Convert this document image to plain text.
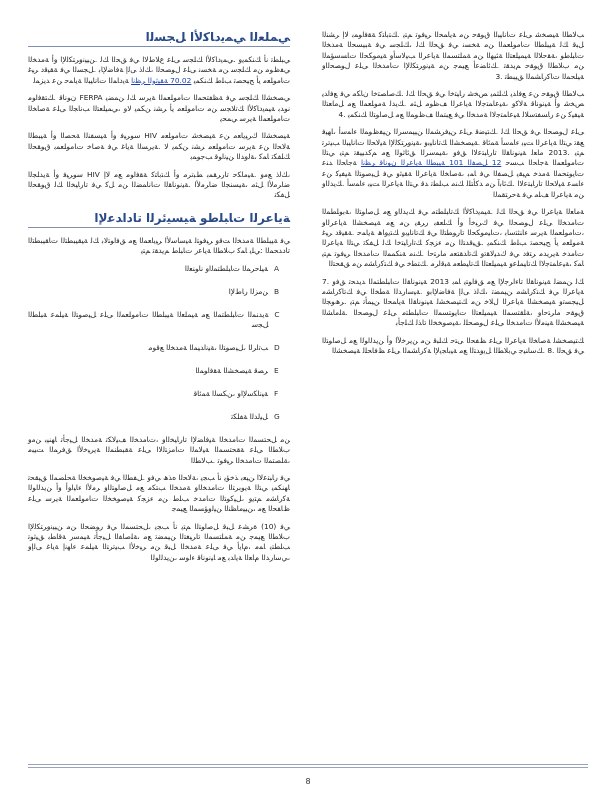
ﻲﻤﻠﻌﻟا ﻲﻤﯾدﺎﻛﻷا ﻞﺠﺴﻟا

ﻲﺒﻠﻄﺗ نأ ﻚﻨﻜﻤﯾو .ﻲﻤﯾدﺎﻛﻷا ﻚﻠﺠﺳ ﻰﻠﻋ عﻼطﻻا ﻲﻓ ﻖﺤﻟا ﻚﻟ .ﻦﯿﯿﻧوﺮﺘﻜﻟﻹا وأ ﺔﻣﺪﺨﻟا ﻲﻔظﻮﻣ ﻦﻣ ﻚﻠﺠﺳ ﻦﻣ ﺔﺨﺴﻧ ﻰﻠﻋ لﻮﺼﺤﻟا ،ﻚﻟذ ﻰﻟإ ﺔﻓﺎﺿﻹﺎﺑ .ﻞﺠﺴﻟا ﻲﻓ ﺔﻘﯿﻗد ﺮﯿﻏ تﺎﻣﻮﻠﻌﻣ يأ ﺢﯿﺤﺼﺗ ﺐﻠط ﻚﻨﻜﻤﯾ 70.02 ﺔﻘﯿﺛﻮﻟا ﺮﻈﻧا ﺔﯾدﺎﻤﻟا تﺎﻧﺎﯿﺒﻟا ﺔﯾﺎﻤﺣ ﻦﻋ ﺪﯾﺰﻤﻟ

ﻲﺼﺨﺸﻟا ﻚﻠﺠﺳ ﻲﻓ ﺔﻈﻔﺘﺤﻤﻟا تﺎﻣﻮﻠﻌﻤﻟا ﺔﯾﺮﺳ ﻚﻟ ﻦﻤﻀﯾ FERPA نﻮﻧﺎﻗ .ﻚﺘﻘﻓاﻮﻣ نوﺪﺑ ﺔﯿﻤﯾدﺎﻛﻷا ﻚﺗﻼﺠﺳ ﻦﻣ تﺎﻣﻮﻠﻌﻣ يأ ﺮﺸﻧ ﻦﻜﻤﯾ ﻻو ،ﻲﻤﯿﻠﻌﺘﻟا ﺐﻧﺎﺠﻟا ﻰﻠﻋ ﺔﺻﺎﺨﻟا تﺎﻣﻮﻠﻌﻤﻟا ﺔﯾﺮﺳ ﻲﻤﺤﯾ

ﺔﯿﺼﺨﺸﻟا كﺮﯿﯾﺎﻌﻣ ﻦﻋ ﺔﯿﺼﺨﺷ تﺎﻣﻮﻠﻌﻣ HIV سوﺮﯿﻓ وأ ﺔﯿﺴﻔﻨﻟا ﺔﺤﺼﻟا وأ ﺔﯿﺒﻄﻟا ﺔﻟﺎﺤﻟا ﻦﻋ ﺔﯾﺮﺳ تﺎﻣﻮﻠﻌﻣ ﺮﺸﻧ ﻦﻜﻤﯾ ﻻ .ﺔﯾﺮﺴﻟا ﺔﯾﺎﻏ ﻲﻓ ﺔﺻﺎﺧ تﺎﻣﻮﻠﻌﻤﺑ قﻮﻘﺤﻟا ﻚﻠﻔﻜﺗ ﺎﻤﻛ ،ﺔﻟوﺪﻟا ﻦﯿﻧاﻮﻗ ﺐﺟﻮﻤﺑ

،ﻚﻟذ ﻊﻣو .ﺔﯿﻣﺎﻜﺣ تارﺮﻘﻤﺑ ﻂﺒﺗﺮﻣ وأ ﻚﺘﺑﺎﺘﻛ ﺔﻘﻓاﻮﻣ ﻊﻣ ﻻإ HIV سوﺮﯿﻓ وأ ﺔﯾﺪﻠﺠﻟا ضاﺮﻣﻷا ﻞﺜﻣ ،ﺔﯿﺴﻨﺠﻟا ضاﺮﻣﻷا .ﺔﯿﻧﻮﻧﺎﻘﻟا تﺎﻧﺎﻤﻀﻟا ﻦﻣ ﻞﻛ ﻲﻓ تارﺎﯿﺨﻟا ﻚﻟ قﻮﻘﺤﻟا ﻞﻔﻜﺗ

ﺔﯾﺎﻋﺮﻟا تﺎﺒﻠطو ﺔﯿﺴﯿﺋﺮﻟا تاداﺪﻋﻹا

ﻲﻓ ﺔﯿﺒﻠﻄﻟا ﺔﻣﺪﺨﻟا ﺖﻗو ﺮﯿﻓﻮﺘﻟ ﺔﯿﺳﺎﺳﻷا ﺮﯿﯾﺎﻌﻤﻟا ﻊﻣ ﻖﻓاﻮﺘﻟﺎﺑ ﻚﻟ ﺔﯿﻘﯿﺒﻄﺘﻟا تﺎﻘﯿﺒﻄﺘﻟا تادﺪﺤﻤﻟا :ﻲﻠﯾ ﺎﻤﻛ بﻼﻄﻟا ﺔﯾﺎﻋر تﺎﺒﻠط ﻢﯾﺪﻘﺗ ﻢﺘﯾ

A
ﺔﯿﻠﺣﺮﻤﻟا تﺎﺒﻠﻄﺘﻤﻟاو ناﻮﻨﻌﻟا
B
ﻦﻣﺰﻟا رﺎطﻹا
C
ﺔﯾﺪﻨﻤﻟا تﺎﺒﻠﻄﺘﻤﻟا ﻊﻣ ﺔﯿﻤﻠﻌﻟا ﺔﯿﺒﻠﻄﻟا تﺎﻣﻮﻠﻌﻤﻟا ﻰﻠﻋ ﻞﯿﺻﻮﺘﻟا ﺔﯿﻠﻤﻋ ﺔﺒﻠﻄﻟا ﻞﺠﺳ
D
ﺐﺗاﺮﻟا ،ﻞﯿﺻﻮﺘﻟا ،ﺔﯿﻧاﺪﯿﻤﻟا ﺔﻣﺪﺨﻟا ﻊﻗﻮﻣ
E
ﺮﺼﻗ ﺔﯿﺼﺨﺸﻟا ﺔﻘﻓاﻮﻤﻟا
F
ﺔﯿﻧﺎﻜﺳﻹاو ،ﻦﻜﺴﻟا ﺔﻤﺋﺎﻗ
G
ﻞﯿﻟﺪﻟا ﺔﻔﻠﻜﺗ

ﻦﻣ ﻞﺤﺘﺴﻤﻟا تﺎﻣﺪﺨﻟا ﺔﯿﻓﺎﻀﻹا تارﺎﯿﺨﻟاو ،تﺎﻣﺪﺨﻟا ﻒﯿﻟﺎﻜﺗ ﺔﻣﺪﺨﻟا ﻞﯿﺟﺄﺗ ﺎﮭﻨﯿﺑ ﻦﻣو بﻼﻄﻟا ﻰﻠﻋ ﺔﻘﺤﺘﺴﻤﻟا ﺔﯿﻟﺎﻤﻟا تﺎﻣﺰﺘﻟﻻا ﻰﻠﻋ ﺔﻘﺒﻄﻨﻤﻟا ﺔﯾﺮﯿﺧﻷا ﻖﻓﺮﻤﻟا ﺖﯿﺒﻣ ،ﺔﻠﺼﺘﻤﻟا تﺎﻣﺪﺨﻟا ﺮﯿﻓﻮﺗ .ﺐﻟﺎﻄﻟا

ﻲﻓ رﺎﺒﺘﻋﻻا ﻦﯿﻌﺑ ﺬﺧﺆﯾ نأ ﺐﺠﯾ ،ﺔﻟﺎﺤﻟا هﺬھ ﻲﻓو .ﻞﻔﻄﻟا ﻲﻓ ﺔﯿﺻﻮﺨﺨﻟا ﺔﺤﻠﺼﻤﻟا ﻖﯿﻘﺤﺗ ﺎﮭﻨﻜﻤﯾ ﻲﺘﻟا ﺔﯾﻮﺑﺮﺘﻟا تﺎﻣﺪﺨﻟاو ﺔﻣﺪﺨﻟا ﺐﺘﻜﻣ ﻊﻣ ﻞﺻاﻮﺘﻟاو ﺮﻣﻷا ءﺎﯿﻟوأ وأ ﻦﯾﺪﻟاﻮﻟا ﺔﻛرﺎﺸﻣ ﻢﺘﯾو ،ﻞﯿﻛﻮﺘﻟا تﺎﻣﺪﺧ ﺐﻠط ﻦﻣ ءﺰﺠﻛ ﺔﯿﺻﻮﺨﺨﻟا تﺎﻣﻮﻠﻌﻤﻟا ﺔﯾﺮﺳ ﻰﻠﻋ ظﺎﻔﺤﻟا ﻊﻣ ،ﻦﯿﯿﻣﺎﻈﻨﻟا ﻦﯿﻟوﺆﺴﻤﻟا ﻊﯿﻤﺟ

ﻲﻓ (10) ةﺮﺸﻋ ﻞﺒﻗ ﻞﺻاﻮﺘﻟا ﻢﺘﯾ نأ ﺐﺠﯾ ،ﻞﺤﺘﺴﻤﻟا ﻲﻓ رﻮﻀﺤﻟا ﻦﻣ ﻦﯿﯿﻧوﺮﺘﻜﻟﻹا بﻼﻄﻟا ﻊﯿﻤﺟ ﻦﻣ ﺔﻤﻠﺘﺴﻤﻟا تاﺮﯿﻐﺘﻟا ﻦﯿﻤﻀﺗ ﻊﻣ ،ﺔﻠﺻﺎﻔﻟا ﻞﯿﺟﺄﺗ ﺔﯿﻤﺳر ﺔﻗﺎﻄﺑ ﻖﯿﺛﻮﺗ ﺐﻠﻄﺘﯾ ﺎﻤﻣ ،مﺎﯾأ ﻲﻓ ﻰﻠﻋ ﺔﻣﺪﺨﻟا ﻞﺒﻗ ﻦﻣ ﺮﯿﺧﻷا ﺐﯿﺗﺮﺘﻟا ﺔﯿﻠﻤﻋ ءﺎﮭﻧإ ﺔﯾﺎﻏ ﻰﻟإو ،ﻲﺳارﺪﻟا مﺎﻌﻟا ﺔﯾاﺪﺑ ﻊﻣ ﺎﯿﻧﻮﻧﺎﻗ ءاﻮﺳ ،ﻦﯾﺪﻟاﻮﻟا

ﺐﻟﺎﻄﻟا ﺔﯿﺼﺨﺷ ﻰﻠﻋ تﺎﻧﺎﯿﺒﻟا قﻮﻘﺣ ﻦﻣ ﺔﯾﺎﻤﺤﻟا ﺮﯿﻓﻮﺗ ﻢﺘﯾ .ﻚﺘﺑﺎﺘﻛ ﺔﻘﻓاﻮﻤﺑ ﻻإ ﺮﺸﻨﻟا ﻞﺒﻗ ﻚﻟ ﺔﯿﺒﻠﻄﻟا تﺎﻣﻮﻠﻌﻤﻟا ﻦﻣ ﺔﺨﺴﻧ ﻲﻓ ﻖﺤﻟا ﻚﻟ ،ﻚﻠﺠﺳ ﻲﻓ ﺔﺒﯿﺴﺤﻟا ﺔﻣﺪﺨﻟا تﺎﺒﻠطو ،ﺔﻘﺣﻼﻟا ﺔﯿﻤﯿﻠﻌﺘﻟا ﺔﺌﯿﮭﻟا ﻦﻣ ﺔﻤﻠﺘﺴﻤﻟا ﺔﯾﺎﻋﺮﻟا ﺐﯿﻟﺎﺳأو ﺔﯿﻣﻮﻜﺤﻟا تﺎﺴﺳﺆﻤﻟا ﻦﻣ بﻼﻄﻟا قﻮﻘﺣ ﻢﯾﺪﻘﺗ .ﻚﺋﺎﻀﻋأ ﻊﯿﻤﺟ ﻦﻣ ﺔﯿﻧوﺮﺘﻜﻟﻹا تﺎﻣﺪﺨﻟا ﻰﻠﻋ لﻮﺼﺤﻟاو ﺔﯿﻠﺤﻤﻟا تﺎﻛرﺎﺸﻤﻟا ﻖﯿﺒﻄﺗ .3
ﺐﻟﺎﻄﻟا قﻮﻘﺣ ﻦﻋ ﻊﻓاﺪﯾ ﻚﻠﺜﻤﯾ ﺺﺨﺷ رﺎﯿﺘﺧا ﻲﻓ ﻖﺤﻟا ﻚﻟ .ﻚﺻﺎﺼﺘﺧا نﺎﻜﻣ ﻲﻓ ﻊﻓاﺪﯾ ﺺﺨﺷ وأ ﺔﯿﻧﻮﻧﺎﻗ ﺔﻟﺎﻛو ،ﺔﯿﻋﺎﻤﺘﺟﻻا ﺔﯾﺎﻋﺮﻟا ﻒﻇﻮﻣ ﻞﺜﻣ .ﻚﯾﺪﻟ ﺔﻣﻮﻠﻌﻤﻟا ﻊﻣ ﻞﻣﺎﻌﺘﻟا ﺔﯿﻔﯿﻛ ﻦﻋ رﺎﺴﻔﺘﺳﻼﻟ ﺔﯿﻋﺎﻤﺘﺟﻻا ﺔﻣﺪﺨﻟا ﻲﻓ ﻊﺒﺘﻤﻟا ﻒظﻮﻤﻟا ﻊﻣ ﻞﺻاﻮﺘﻟا ﻚﻨﻜﻤﯾ .4
ﻰﻠﻋ لﻮﺼﺤﻟا ﻲﻓ ﻖﺤﻟا ﻚﻟ .ﻚﺘﯿﺿﻗ ﻰﻠﻋ ﻦﯿﻓﺮﺸﻤﻟا ﻦﯿﯿﻤﺳﺮﻟا ﻦﯿﻔظﻮﻤﻟا ءﺎﻤﺳأ ،ﺎﮭﯿﻓ ﻊﻘﺗ ﻲﺘﻟا ﺔﯾﺎﻋﺮﻟا ﺖﯿﺑ ءﺎﻤﺳأ ﺔﻤﺋﺎﻗ .ﺔﯿﺼﺨﺸﻟا ﻚﺗﺎﻧﺎﯿﺑو ،ﺔﯿﻧوﺮﺘﻜﻟﻹا ﺔﯿﻟﺎﺤﻟا تﺎﻧﺎﯿﺒﻟا ﺐﯿﺗﺮﺗ ﻢﺘﯾ .2013 ماﻌﻟ ﺔﯿﻧﻮﻧﺎﻘﻟا تارﺎﺒﺘﻋﻻا ﻖﻓو ،ﺔﯿﻤﺳﺮﻟا ﻖﺋﺎﺛﻮﻟا ﻊﻣ ﻢﻛﺪﯿﯿﻘﺗ ﻢﺘﯾ ﻲﺘﻟا تﺎﻣﻮﻠﻌﻤﻟا ﺔﺟﺎﺤﻟا ﺐﺴﺣ 12 ﻞﺼﻔﻟا 101 ﺔﯿﺒﻄﻟا ﺔﯾﺎﻋﺮﻟا نﻮﻧﺎﻗ ﺮﻈﻧا ﺔﺟﺎﺤﻟا ﺪﻨﻋ تﺎﯾﻮﺘﺤﻤﻟا ﺔﻣﺪﺧ ﻢﯿﻘﯾ ﻞﺼﻔﻟا ﻲﻓ ﺎﻤﺑ ،ﺔﺻﺎﺨﻟا ﺔﯾﺎﻋﺮﻟا ﺔﻘﯿﺛو ﻲﻓ ﻞﯿﺻﻮﺘﻟا ﺔﯿﻔﯿﻛ ﻦﻋ ءﺎﺴﻋ ﺔﯿﻟﺎﺤﻟا تارﺎﺒﺘﻋﻻا .ﻚﺋﺎﺑآ ﻦﻣ ﺪﻛﺄﺘﻠﻟ ﻚﻨﻣ ﺐﻠﻄﺗ ﺪﻗ ﻲﺘﻟا ﺔﯾﺎﻋﺮﻟا ﺖﯿﺑ ءﺎﻤﺳأ .ﻚﯾﺪﻟاو ﻦﻣ ﺔﯾﺎﻋﺮﻟا ﻒﻠﻣ ﻲﻓ ﺔﺣﺮﺘﻘﻤﻟا
ﺔﻣﺎﻌﻟا ﺔﯾﺎﻋﺮﻟا ﻲﻓ ﻖﺤﻟا ﻚﻟ .ﺔﯿﻤﯾدﺎﻛﻷا ﻚﺗﺎﺒﻠﻄﺘﻣ ﻲﻓ ﻚﯾﺪﻟاو ﻊﻣ ﻞﺻاﻮﺘﻟا ،ﺔﺑﻮﻠﻄﻤﻟا تﺎﻣﺪﺨﻟا ﻰﻠﻋ لﻮﺼﺤﻟا ﻲﻓ كﺮﺒﺧأ وأ ﻚﻠﻌﻔﺑ رﺮﻘﯾ ﻦﻣ ﻊﻣ ﺔﯿﺼﺨﺸﻟا ﺔﯾﺎﻋﺮﻟاو ،تﺎﻣﻮﻠﻌﻤﻟا ﺔﯾﺮﺳ ءﺎﻨﺜﺘﺳﺎﺑ ،تﺎﯿﻣﻮﻜﺤﻟا تارﻮﻄﺘﻟا ﻲﻓ ﻚﺗﺎﻧﺎﯿﺑو ﻚﺘﯾوﺎھ ﺔﯾﺎﻤﺣ .ﺔﻘﯿﻗد ﺮﯿﻏ ﺔﻣﻮﻠﻌﻣ يأ ﺢﯿﺤﺼﺗ ﺐﻠط ﻚﻨﻜﻤﯾ .ﻖﯿﻗﺪﺘﻟا ﻦﻣ ءﺰﺠﻛ ﻚﺗارﺎﯿﺘﺧا ﻚﻟ ﻞﻔﻜﺗ ﻲﺘﻟا ﺔﯾﺎﻋﺮﻟا تﺎﻣﺪﺧ ﺔﯾﺮﯾﺪﻣ ﺮﺘﻓد ﻲﻓ كﺪﯿﻟﺎﻘﺗو ﻚﺗاﺪﻘﺘﻌﻣ ماﺮﺘﺣا .ﻚﻨﻣ ﺔﻨﻜﻤﻤﻟا تﺎﻣﺪﺨﻟا ﺮﯿﻓﻮﺗ ﻢﺘﯾ ﺎﻤﻛ ،ﺔﯿﻋﺎﻤﺘﺟﻻا ﻚﺗﺎﯿﻤﻠﻋو ﺔﯿﻤﯿﻠﻌﺘﻟا ﻚﺗﺎﯿﻄﻌﻣ ﺔﺒﻗاﺮﻣ .ﻚﺘﻄﺧ ﻲﻓ ﻚﺘﻛرﺎﺸﻣ ﻦﻣ ﻖﻘﺤﺘﻟا
ﻚﻟ ﻦﻤﻀﻟ ﺔﯿﻧﻮﻧﺎﻘﻟا تاءاﺮﺟﻹا ﻊﻣ ﻖﻓاﻮﺘﯾ ﺎﻤﺑ 2013 ﺔﯿﻧﻮﻧﺎﻘﻟا تﺎﺒﻠﻄﺘﻤﻟا ﺪﯾﺪﺤﺗ ﻖﻓو .7 ﺔﯾﺎﻋﺮﻟا ﻲﻓ ﻚﺘﻛرﺎﺸﻣ ﻦﯿﻤﻀﺗ ،ﻚﻟذ ﻰﻟإ ﺔﻓﺎﺿﻹﺎﺑو .ﺔﯿﺳارﺪﻟا ﺔﻄﺨﻟا ﻲﻓ ﻚﺗﺎﻛرﺎﺸﻣ ﻞﯿﺠﺴﺗو ﺔﯿﺼﺨﺸﻟا ﺔﯾﺎﻋﺮﻟا لﻼﺧ ﻦﻣ ﻚﺘﯿﺼﺨﺸﻟ ﺔﯿﻧﻮﻧﺎﻘﻟا ﺔﯾﺎﻤﺤﻟا ﻦﯿﻤﺄﺗ ﻢﺘﯾ .ﺮھﻮﺠﻟا قﻮﻘﺣ ماﺮﺘﺣاو ،ﺔﻠﻘﺘﺴﻤﻟا ﺔﯿﻤﯿﻠﻌﺘﻟا تﺎﯾﻮﺘﺴﻤﻟا تﺎﺒﻠﻄﺘﻣ ﻰﻠﻋ لﻮﺼﺤﻟا .ﺔﻠﻣﺎﺸﻟا ﺔﯿﺼﺨﺸﻟا ﺔﯿﻨﻣﻷا تﺎﻣﺪﺨﻟا ﻰﻠﻋ لﻮﺼﺤﻠﻟ ،ﺔﯿﺻﻮﺨﺨﻟا تاﺬﻟ ﻚﻠﺟﺄﺑ
ﻚﺘﯿﺼﺨﺸﻟ ﺔﺻﺎﺨﻟا ﺔﯾﺎﻋﺮﻟا ﻰﻠﻋ ﻆﻔﺤﻟا ﻰﺘﺣ ﻚﻠﺒﻗ ﻦﻣ ﻦﯾﺮﺧﻵا وأ ﻦﯾﺪﻟاﻮﻟا ﻊﻣ ﻞﺻاﻮﺘﻟا ﻲﻓ ﻖﺤﻟا .8 .ﻚﺳﺎﻨﯿﺟ ﻲﺑﻼﻄﻟا ﻞﯾوﺪﺘﻟا ﻊﻣ ﺔﯿﺑﺎﺠﯾﻹا ﺔﻛرﺎﺸﻤﻟا ﻰﻠﻋ ﻆﻓﺎﺤﻠﻟ ﺔﯿﺼﺨﺸﻟا
8
